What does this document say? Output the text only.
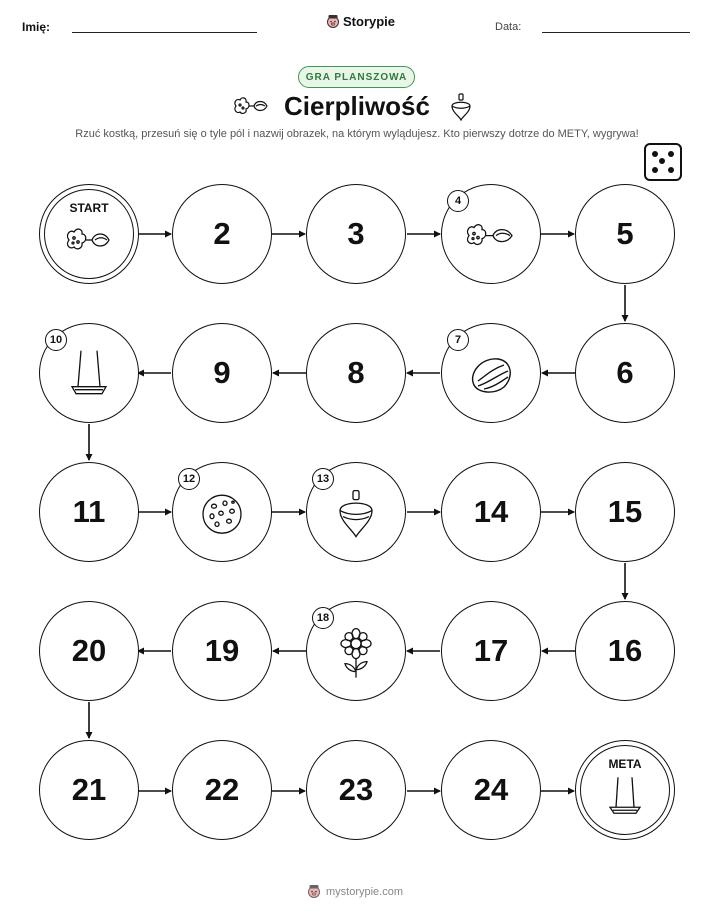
Imię:	Storypie	Data:
GRA PLANSZOWA
Cierpliwość
Rzuć kostką, przesuń się o tyle pól i nazwij obrazek, na którym wylądujesz. Kto pierwszy dotrze do METY, wygrywa!
START
2	3
4
5
10
9	8
7
6
11
12	13
14	15
20	19
18
17	16
21	22	23	24
META
mystorypie.com
